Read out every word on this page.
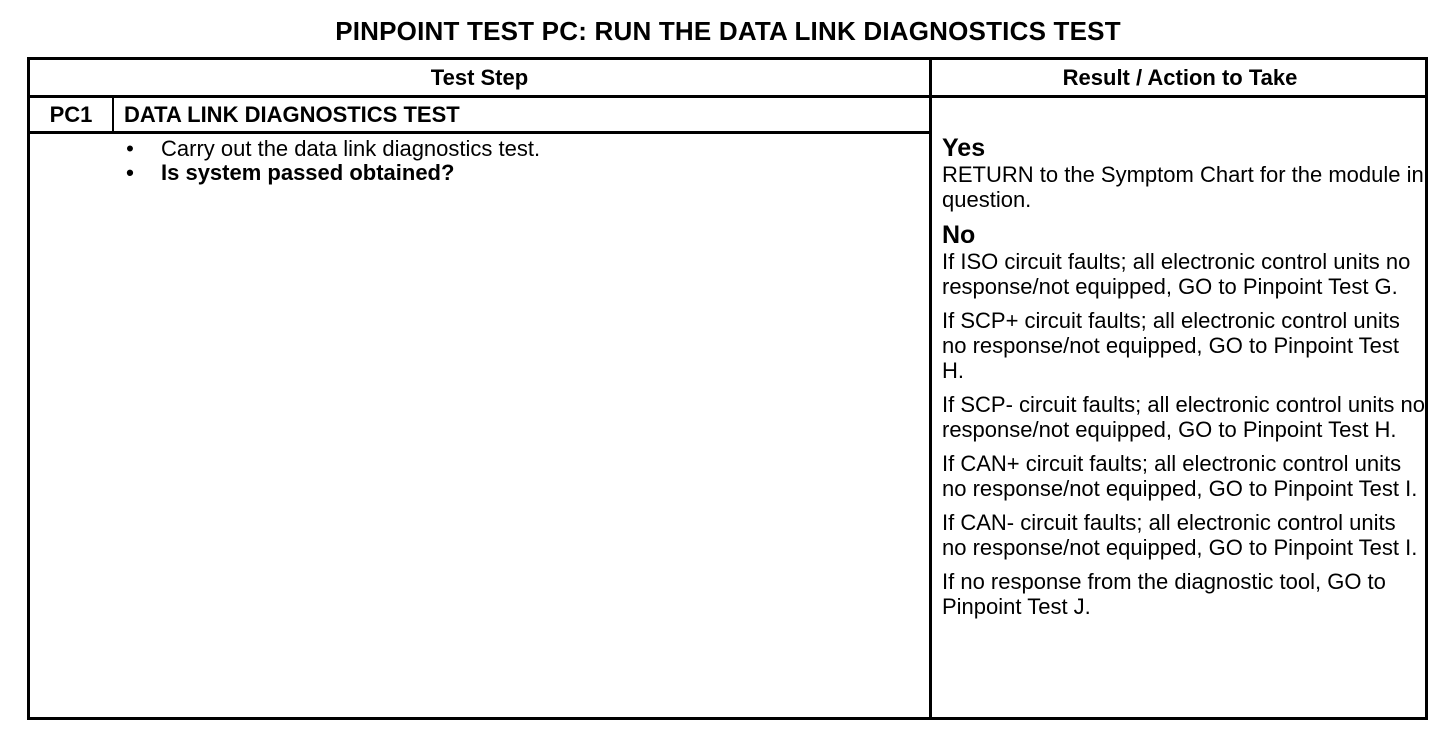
PINPOINT TEST PC: RUN THE DATA LINK DIAGNOSTICS TEST
Test Step	Result / Action to Take
PC1	DATA LINK DIAGNOSTICS TEST
• Carry out the data link diagnostics test.
• Is system passed obtained?
Yes
RETURN to the Symptom Chart for the module in question.
No
If ISO circuit faults; all electronic control units no response/not equipped, GO to Pinpoint Test G.
If SCP+ circuit faults; all electronic control units no response/not equipped, GO to Pinpoint Test H.
If SCP- circuit faults; all electronic control units no response/not equipped, GO to Pinpoint Test H.
If CAN+ circuit faults; all electronic control units no response/not equipped, GO to Pinpoint Test I.
If CAN- circuit faults; all electronic control units no response/not equipped, GO to Pinpoint Test I.
If no response from the diagnostic tool, GO to Pinpoint Test J.
